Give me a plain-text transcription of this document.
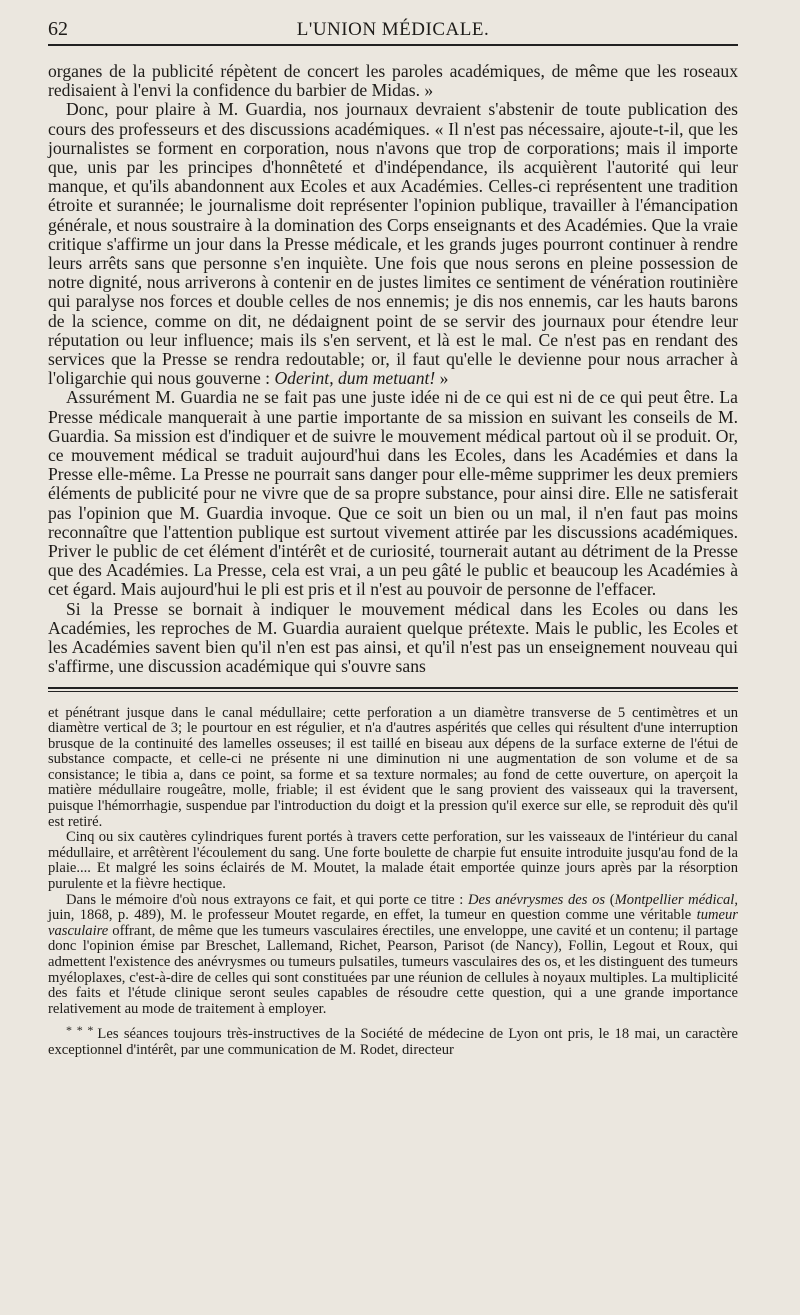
62	L'UNION MÉDICALE.

organes de la publicité répètent de concert les paroles académiques, de même que les roseaux redisaient à l'envi la confidence du barbier de Midas. »

Donc, pour plaire à M. Guardia, nos journaux devraient s'abstenir de toute publication des cours des professeurs et des discussions académiques. « Il n'est pas nécessaire, ajoute-t-il, que les journalistes se forment en corporation, nous n'avons que trop de corporations; mais il importe que, unis par les principes d'honnêteté et d'indépendance, ils acquièrent l'autorité qui leur manque, et qu'ils abandonnent aux Ecoles et aux Académies. Celles-ci représentent une tradition étroite et surannée; le journalisme doit représenter l'opinion publique, travailler à l'émancipation générale, et nous soustraire à la domination des Corps enseignants et des Académies. Que la vraie critique s'affirme un jour dans la Presse médicale, et les grands juges pourront continuer à rendre leurs arrêts sans que personne s'en inquiète. Une fois que nous serons en pleine possession de notre dignité, nous arriverons à contenir en de justes limites ce sentiment de vénération routinière qui paralyse nos forces et double celles de nos ennemis; je dis nos ennemis, car les hauts barons de la science, comme on dit, ne dédaignent point de se servir des journaux pour étendre leur réputation ou leur influence; mais ils s'en servent, et là est le mal. Ce n'est pas en rendant des services que la Presse se rendra redoutable; or, il faut qu'elle le devienne pour nous arracher à l'oligarchie qui nous gouverne : Oderint, dum metuant! »

Assurément M. Guardia ne se fait pas une juste idée ni de ce qui est ni de ce qui peut être. La Presse médicale manquerait à une partie importante de sa mission en suivant les conseils de M. Guardia. Sa mission est d'indiquer et de suivre le mouvement médical partout où il se produit. Or, ce mouvement médical se traduit aujourd'hui dans les Ecoles, dans les Académies et dans la Presse elle-même. La Presse ne pourrait sans danger pour elle-même supprimer les deux premiers éléments de publicité pour ne vivre que de sa propre substance, pour ainsi dire. Elle ne satisferait pas l'opinion que M. Guardia invoque. Que ce soit un bien ou un mal, il n'en faut pas moins reconnaître que l'attention publique est surtout vivement attirée par les discussions académiques. Priver le public de cet élément d'intérêt et de curiosité, tournerait autant au détriment de la Presse que des Académies. La Presse, cela est vrai, a un peu gâté le public et beaucoup les Académies à cet égard. Mais aujourd'hui le pli est pris et il n'est au pouvoir de personne de l'effacer.

Si la Presse se bornait à indiquer le mouvement médical dans les Ecoles ou dans les Académies, les reproches de M. Guardia auraient quelque prétexte. Mais le public, les Ecoles et les Académies savent bien qu'il n'en est pas ainsi, et qu'il n'est pas un enseignement nouveau qui s'affirme, une discussion académique qui s'ouvre sans

et pénétrant jusque dans le canal médullaire; cette perforation a un diamètre transverse de 5 centimètres et un diamètre vertical de 3; le pourtour en est régulier, et n'a d'autres aspérités que celles qui résultent d'une interruption brusque de la continuité des lamelles osseuses; il est taillé en biseau aux dépens de la surface externe de l'étui de substance compacte, et celle-ci ne présente ni une diminution ni une augmentation de son volume et de sa consistance; le tibia a, dans ce point, sa forme et sa texture normales; au fond de cette ouverture, on aperçoit la matière médullaire rougeâtre, molle, friable; il est évident que le sang provient des vaisseaux qui la traversent, puisque l'hémorrhagie, suspendue par l'introduction du doigt et la pression qu'il exerce sur elle, se reproduit dès qu'il est retiré.

Cinq ou six cautères cylindriques furent portés à travers cette perforation, sur les vaisseaux de l'intérieur du canal médullaire, et arrêtèrent l'écoulement du sang. Une forte boulette de charpie fut ensuite introduite jusqu'au fond de la plaie.... Et malgré les soins éclairés de M. Moutet, la malade était emportée quinze jours après par la résorption purulente et la fièvre hectique.

Dans le mémoire d'où nous extrayons ce fait, et qui porte ce titre : Des anévrysmes des os (Montpellier médical, juin, 1868, p. 489), M. le professeur Moutet regarde, en effet, la tumeur en question comme une véritable tumeur vasculaire offrant, de même que les tumeurs vasculaires érectiles, une enveloppe, une cavité et un contenu; il partage donc l'opinion émise par Breschet, Lallemand, Richet, Pearson, Parisot (de Nancy), Follin, Legout et Roux, qui admettent l'existence des anévrysmes ou tumeurs pulsatiles, tumeurs vasculaires des os, et les distinguent des tumeurs myéloplaxes, c'est-à-dire de celles qui sont constituées par une réunion de cellules à noyaux multiples. La multiplicité des faits et l'étude clinique seront seules capables de résoudre cette question, qui a une grande importance relativement au mode de traitement à employer.

* * * Les séances toujours très-instructives de la Société de médecine de Lyon ont pris, le 18 mai, un caractère exceptionnel d'intérêt, par une communication de M. Rodet, directeur
